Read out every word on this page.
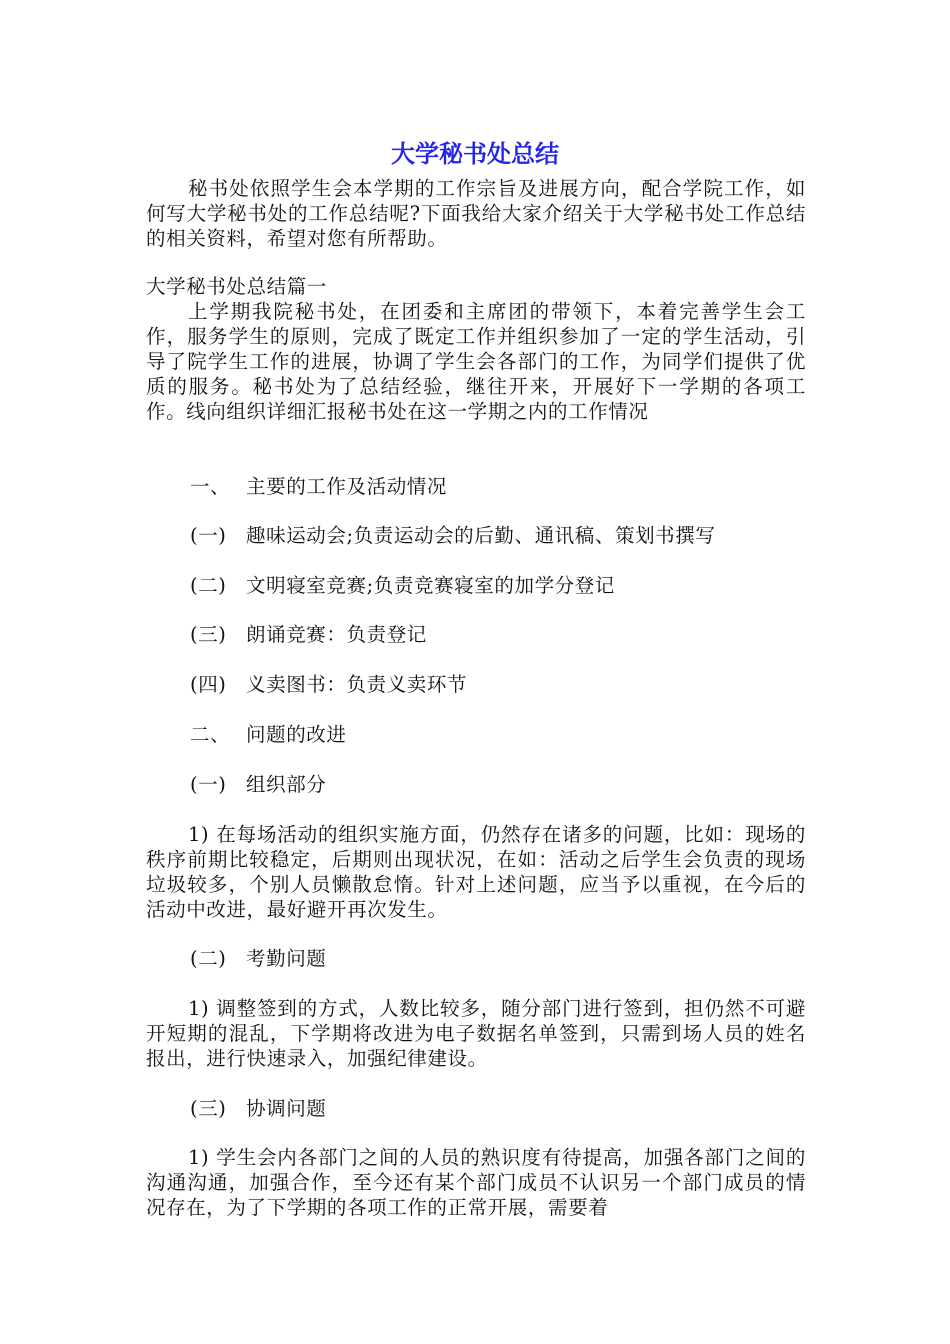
大学秘书处总结
秘书处依照学生会本学期的工作宗旨及进展方向，配合学院工作，如何写大学秘书处的工作总结呢?下面我给大家介绍关于大学秘书处工作总结的相关资料，希望对您有所帮助。
大学秘书处总结篇一
上学期我院秘书处，在团委和主席团的带领下，本着完善学生会工作，服务学生的原则，完成了既定工作并组织参加了一定的学生活动，引导了院学生工作的进展，协调了学生会各部门的工作，为同学们提供了优质的服务。秘书处为了总结经验，继往开来，开展好下一学期的各项工作。线向组织详细汇报秘书处在这一学期之内的工作情况
一、 主要的工作及活动情况
(一) 趣味运动会;负责运动会的后勤、通讯稿、策划书撰写
(二) 文明寝室竞赛;负责竞赛寝室的加学分登记
(三) 朗诵竞赛：负责登记
(四) 义卖图书：负责义卖环节
二、 问题的改进
(一) 组织部分
1) 在每场活动的组织实施方面，仍然存在诸多的问题，比如：现场的秩序前期比较稳定，后期则出现状况，在如：活动之后学生会负责的现场垃圾较多，个别人员懒散怠惰。针对上述问题，应当予以重视，在今后的活动中改进，最好避开再次发生。
(二) 考勤问题
1) 调整签到的方式，人数比较多，随分部门进行签到，担仍然不可避开短期的混乱，下学期将改进为电子数据名单签到，只需到场人员的姓名报出，进行快速录入，加强纪律建设。
(三) 协调问题
1) 学生会内各部门之间的人员的熟识度有待提高，加强各部门之间的沟通沟通，加强合作，至今还有某个部门成员不认识另一个部门成员的情况存在，为了下学期的各项工作的正常开展，需要着
